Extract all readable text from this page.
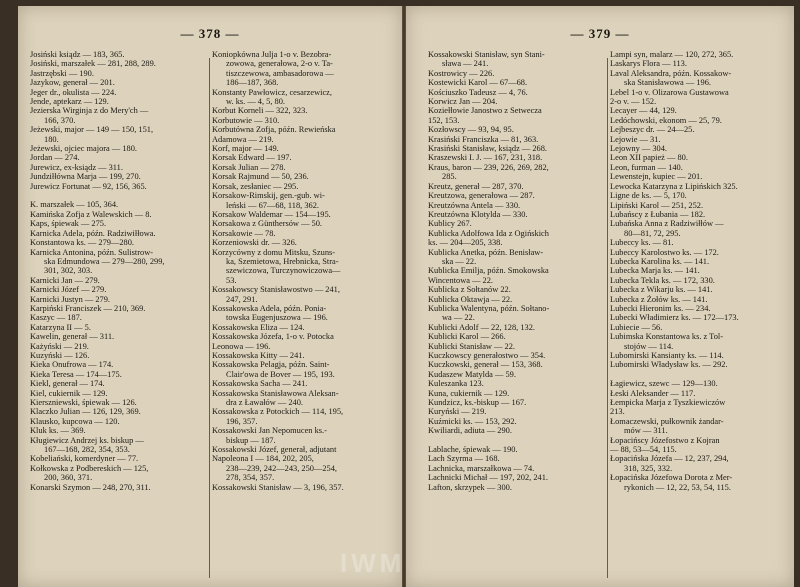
— 378 —
Josiński ksiądz — 183, 365.
Josiński, marszałek — 281, 288, 289.
Jastrzębski — 190.
Jazykow, generał — 201.
Jeger dr., okulista — 224.
Jende, aptekarz — 129.
Jezierska Wirginja z do Mery'ch —
166, 370.
Jeżewski, major — 149 — 150, 151,
180.
Jeżewski, ojciec majora — 180.
Jordan — 274.
Jurewicz, ex-ksiądz — 311.
Jundziłłówna Marja — 199, 270.
Jurewicz Fortunat — 92, 156, 365.
K. marszałek — 105, 364.
Kamińska Zofja z Walewskich — 8.
Kaps, śpiewak — 275.
Karnicka Adela, późn. Radziwiłłowa.
Konstantowa ks. — 279—280.
Karnicka Antonina, późn. Sulistrow-
ska Edmundowa — 279—280, 299,
301, 302, 303.
Karnicki Jan — 279.
Karnicki Józef — 279.
Karnicki Justyn — 279.
Karpiński Franciszek — 210, 369.
Kaszyc — 187.
Katarzyna II — 5.
Kawelin, generał — 311.
Każyński — 219.
Kuzyński — 126.
Kieka Onufrowa — 174.
Kieka Teresa — 174—175.
Kiekl, generał — 174.
Kiel, cukiernik — 129.
Kierszniewski, śpiewak — 126.
Klaczko Julian — 126, 129, 369.
Klausko, kupcowa — 120.
Kluk ks. — 369.
Kługiewicz Andrzej ks. biskup —
167—168, 282, 354, 353.
Kobeliański, komerdyner — 77.
Kołkowska z Podbereskich — 125,
200, 360, 371.
Konarski Szymon — 248, 270, 311.
Koniopkówna Julja 1-o v. Bezobra-
zowowa, generałowa, 2-o v. Ta-
tiszczewowa, ambasadorowa —
186—187, 368.
Konstanty Pawłowicz, cesarzewicz,
w. ks. — 4, 5, 80.
Korbut Korneli — 322, 323.
Korbutowie — 310.
Korbutówna Zofja, późn. Rewieńska
Adamowa — 219.
Korf, major — 149.
Korsak Edward — 197.
Korsak Julian — 278.
Korsak Rajmund — 50, 236.
Korsak, zesłaniec — 295.
Korsakow-Rimskij, gen.-gub. wi-
leński — 67—68, 118, 362.
Korsakow Waldemar — 154—195.
Korsakowa z Günthersów — 50.
Korsakowie — 78.
Korzeniowski dr. — 326.
Korzycówny z domu Mitsku, Szuns-
ka, Szemietowa, Hrebnicka, Stra-
szewiczowa, Turczynowiczowa—
53.
Kossakowscy Stanisławostwo — 241,
247, 291.
Kossakowska Adela, późn. Ponia-
towska Eugenjuszowa — 196.
Kossakowska Eliza — 124.
Kossakowska Józefa, 1-o v. Potocka
Leonowa — 196.
Kossakowska Kitty — 241.
Kossakowska Pelagja, późn. Saint-
Clair'owa de Bover — 195, 193.
Kossakowska Sacha — 241.
Kossakowska Stanisławowa Aleksan-
dra z Ławałów — 240.
Kossakowska z Potockich — 114, 195,
196, 357.
Kossakowski Jan Nepomucen ks.-
biskup — 187.
Kossakowski Józef, generał, adjutant
Napoleona I — 184, 202, 205,
238—239, 242—243, 250—254,
278, 354, 357.
Kossakowski Stanisław — 3, 196, 357.
— 379 —
Kossakowski Stanisław, syn Stani-
sława — 241.
Kostrowicy — 226.
Kostewicki Karol — 67—68.
Kościuszko Tadeusz — 4, 76.
Korwicz Jan — 204.
Koziełłowie Janostwo z Setwecza
152, 153.
Kozłowscy — 93, 94, 95.
Krasiński Franciszka — 81, 363.
Krasiński Stanisław, ksiądz — 268.
Kraszewski I. J. — 167, 231, 318.
Kraus, baron — 239, 226, 269, 282,
285.
Kreutz, generał — 287, 370.
Kreutzowa, generałowa — 287.
Kreutzówna Antela — 330.
Kreutzówna Klotylda — 330.
Kublicy 267.
Kublicka Adolfowa Ida z Ogińskich
ks. — 204—205, 338.
Kublicka Anetka, późn. Benisław-
ska — 22.
Kublicka Emilja, późn. Smokowska
Wincentowa — 22.
Kublicka z Sołtanów 22.
Kublicka Oktawja — 22.
Kublicka Walentyna, późn. Sołtano-
wa — 22.
Kublicki Adolf — 22, 128, 132.
Kublicki Karol — 266.
Kublicki Stanisław — 22.
Kuczkowscy generałostwo — 354.
Kuczkowski, generał — 153, 368.
Kudaszew Matylda — 59.
Kuleszanka 123.
Kuna, cukiernik — 129.
Kundzicz, ks.-biskup — 167.
Kuryński — 219.
Kuźmicki ks. — 153, 292.
Kwiliardi, adiuta — 290.
Lablache, śpiewak — 190.
Lach Szyrma — 168.
Lachnicka, marszałkowa — 74.
Lachnicki Michał — 197, 202, 241.
Lafton, skrzypek — 300.
Lampi syn, malarz — 120, 272, 365.
Laskarys Flora — 113.
Laval Aleksandra, późn. Kossakow-
ska Stanisławowa — 196.
Lebel 1-o v. Olizarowa Gustawowa
2-o v. — 152.
Lecayer — 44, 129.
Ledóchowski, ekonom — 25, 79.
Lejbeszyc dr. — 24—25.
Lejowie — 31.
Lejowny — 304.
Leon XII papież — 80.
Leon, furman — 140.
Lewenstejn, kupiec — 201.
Lewocka Katarzyna z Lipińskich 325.
Ligne de ks. — 5, 170.
Lipiński Karol — 251, 252.
Lubańscy z Łubania — 182.
Lubańska Anna z Radziwiłłów —
80—81, 72, 295.
Lubeccy ks. — 81.
Lubeccy Karolostwo ks. — 172.
Lubecka Karolina ks. — 141.
Lubecka Marja ks. — 141.
Lubecka Tekla ks. — 172, 330.
Lubecka z Wikarju ks. — 141.
Lubecka z Żołów ks. — 141.
Lubecki Hieronim ks. — 234.
Lubecki Władimierz ks. — 172—173.
Lubiecie — 56.
Lubimska Konstantowa ks. z Tol-
stojów — 114.
Lubomirski Kansianty ks. — 114.
Lubomirski Władysław ks. — 292.
Łagiewicz, szewc — 129—130.
Łeski Aleksander — 117.
Łempicka Marja z Tyszkiewiczów
213.
Łomaczewski, pułkownik żandar-
mów — 311.
Łopacińscy Józefostwo z Kojran
— 88, 53—54, 115.
Łopacińska Józefa — 12, 237, 294,
318, 325, 332.
Łopacińska Józefowa Dorota z Mer-
rykonich — 12, 22, 53, 54, 115.
IWM
